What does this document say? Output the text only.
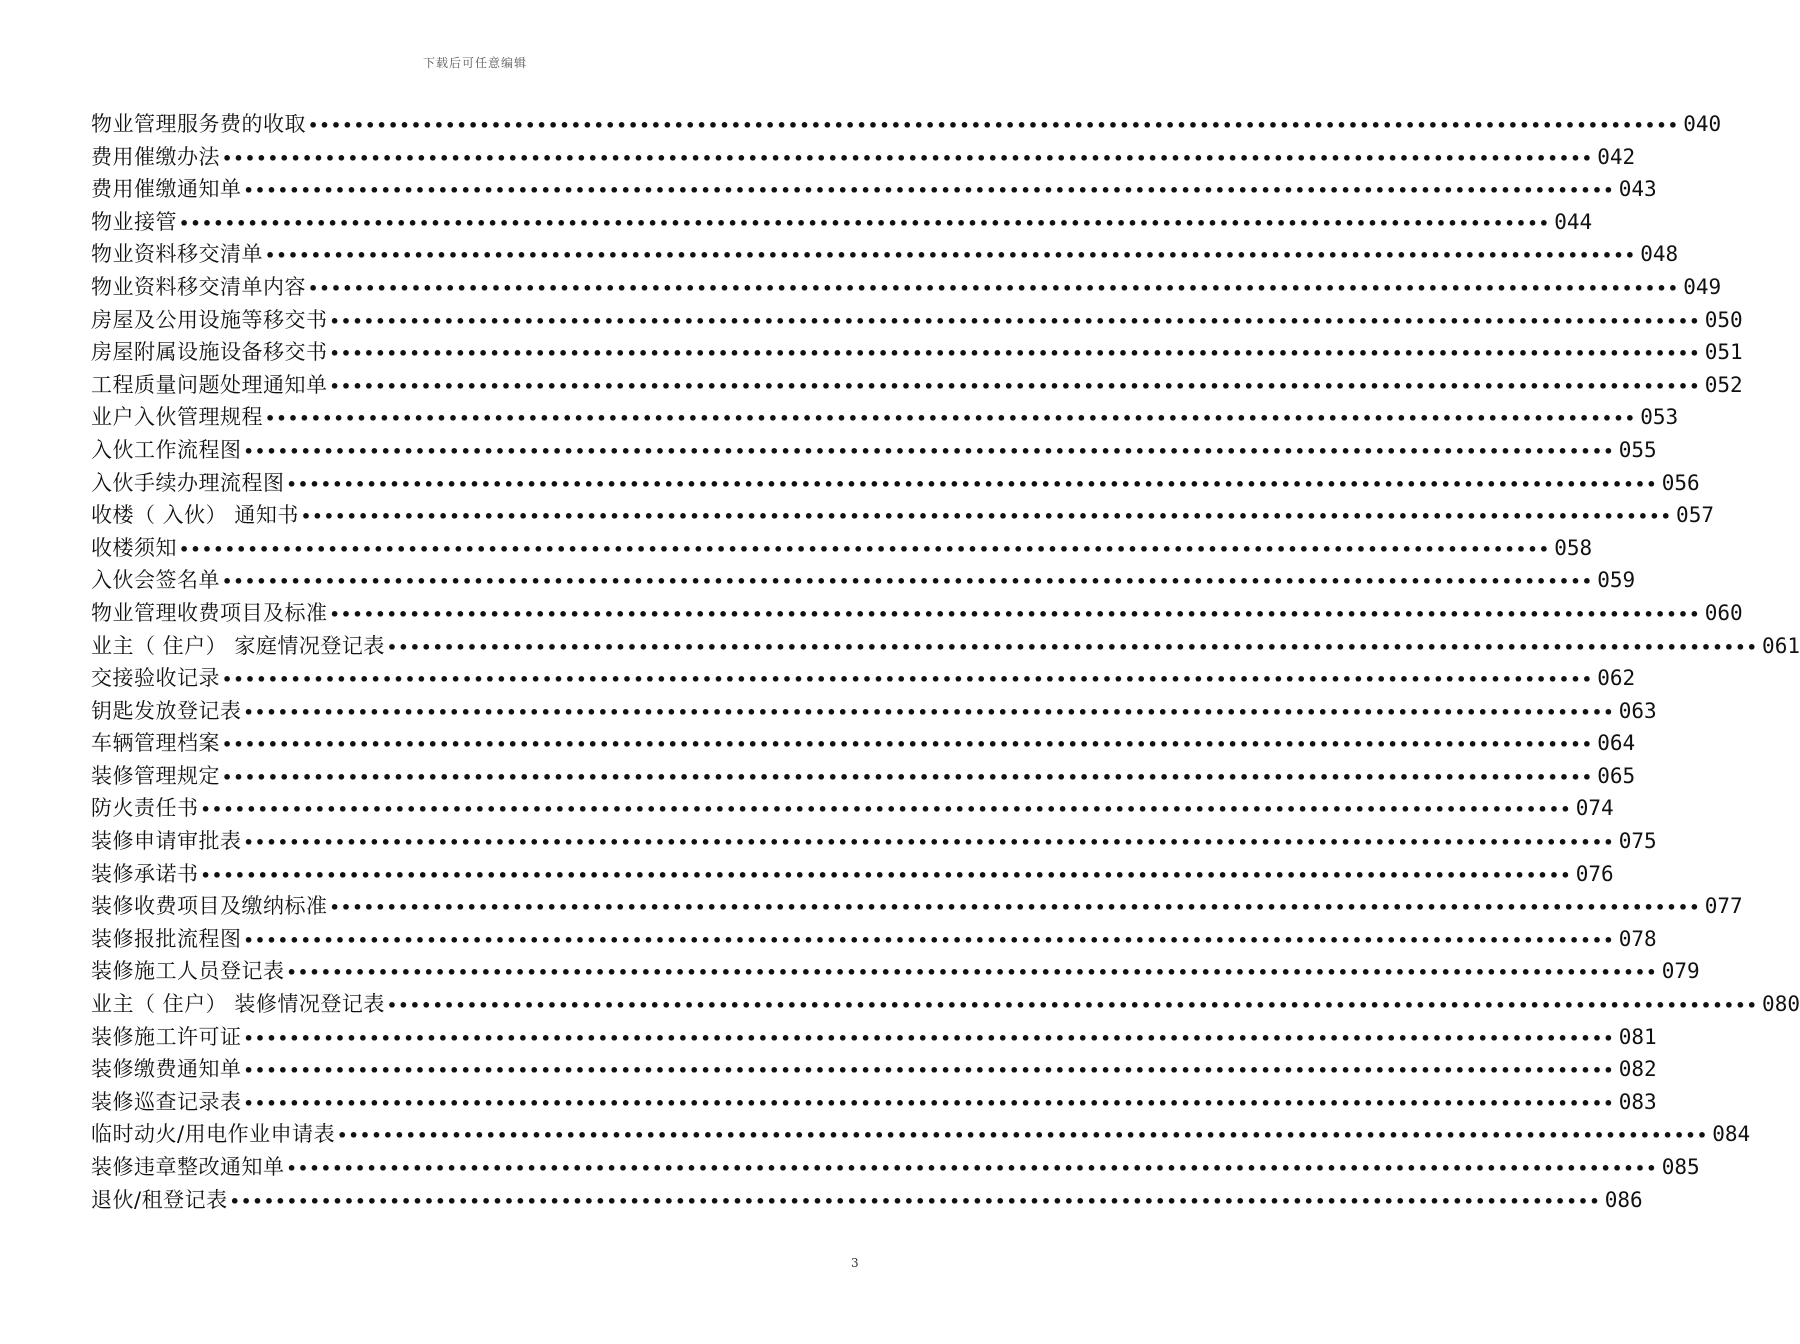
下载后可任意编辑
物业管理服务费的收取 •••••••••••••••••••••••••••••••••••••••••••••••••••••••••••••••••••••••••••••••••••••••••••••••••••••••••••••••••••••••• 040
费用催缴办法 •••••••••••••••••••••••••••••••••••••••••••••••••••••••••••••••••••••••••••••••••••••••••••••••••••••••••••••••••••••••• 042
费用催缴通知单 •••••••••••••••••••••••••••••••••••••••••••••••••••••••••••••••••••••••••••••••••••••••••••••••••••••••••••••••••••••••• 043
物业接管 •••••••••••••••••••••••••••••••••••••••••••••••••••••••••••••••••••••••••••••••••••••••••••••••••••••••••••••••••••••••• 044
物业资料移交清单 •••••••••••••••••••••••••••••••••••••••••••••••••••••••••••••••••••••••••••••••••••••••••••••••••••••••••••••••••••••••• 048
物业资料移交清单内容 •••••••••••••••••••••••••••••••••••••••••••••••••••••••••••••••••••••••••••••••••••••••••••••••••••••••••••••••••••••••• 049
房屋及公用设施等移交书 •••••••••••••••••••••••••••••••••••••••••••••••••••••••••••••••••••••••••••••••••••••••••••••••••••••••••••••••••••••••• 050
房屋附属设施设备移交书 •••••••••••••••••••••••••••••••••••••••••••••••••••••••••••••••••••••••••••••••••••••••••••••••••••••••••••••••••••••••• 051
工程质量问题处理通知单 •••••••••••••••••••••••••••••••••••••••••••••••••••••••••••••••••••••••••••••••••••••••••••••••••••••••••••••••••••••••• 052
业户入伙管理规程 •••••••••••••••••••••••••••••••••••••••••••••••••••••••••••••••••••••••••••••••••••••••••••••••••••••••••••••••••••••••• 053
入伙工作流程图 •••••••••••••••••••••••••••••••••••••••••••••••••••••••••••••••••••••••••••••••••••••••••••••••••••••••••••••••••••••••• 055
入伙手续办理流程图 •••••••••••••••••••••••••••••••••••••••••••••••••••••••••••••••••••••••••••••••••••••••••••••••••••••••••••••••••••••••• 056
收楼（ 入伙） 通知书 •••••••••••••••••••••••••••••••••••••••••••••••••••••••••••••••••••••••••••••••••••••••••••••••••••••••••••••••••••••••• 057
收楼须知 •••••••••••••••••••••••••••••••••••••••••••••••••••••••••••••••••••••••••••••••••••••••••••••••••••••••••••••••••••••••• 058
入伙会签名单 •••••••••••••••••••••••••••••••••••••••••••••••••••••••••••••••••••••••••••••••••••••••••••••••••••••••••••••••••••••••• 059
物业管理收费项目及标准 •••••••••••••••••••••••••••••••••••••••••••••••••••••••••••••••••••••••••••••••••••••••••••••••••••••••••••••••••••••••• 060
业主（ 住户） 家庭情况登记表 •••••••••••••••••••••••••••••••••••••••••••••••••••••••••••••••••••••••••••••••••••••••••••••••••••••••••••••••••••••••• 061
交接验收记录 •••••••••••••••••••••••••••••••••••••••••••••••••••••••••••••••••••••••••••••••••••••••••••••••••••••••••••••••••••••••• 062
钥匙发放登记表 •••••••••••••••••••••••••••••••••••••••••••••••••••••••••••••••••••••••••••••••••••••••••••••••••••••••••••••••••••••••• 063
车辆管理档案 •••••••••••••••••••••••••••••••••••••••••••••••••••••••••••••••••••••••••••••••••••••••••••••••••••••••••••••••••••••••• 064
装修管理规定 •••••••••••••••••••••••••••••••••••••••••••••••••••••••••••••••••••••••••••••••••••••••••••••••••••••••••••••••••••••••• 065
防火责任书 •••••••••••••••••••••••••••••••••••••••••••••••••••••••••••••••••••••••••••••••••••••••••••••••••••••••••••••••••••••••• 074
装修申请审批表 •••••••••••••••••••••••••••••••••••••••••••••••••••••••••••••••••••••••••••••••••••••••••••••••••••••••••••••••••••••••• 075
装修承诺书 •••••••••••••••••••••••••••••••••••••••••••••••••••••••••••••••••••••••••••••••••••••••••••••••••••••••••••••••••••••••• 076
装修收费项目及缴纳标准 •••••••••••••••••••••••••••••••••••••••••••••••••••••••••••••••••••••••••••••••••••••••••••••••••••••••••••••••••••••••• 077
装修报批流程图 •••••••••••••••••••••••••••••••••••••••••••••••••••••••••••••••••••••••••••••••••••••••••••••••••••••••••••••••••••••••• 078
装修施工人员登记表 •••••••••••••••••••••••••••••••••••••••••••••••••••••••••••••••••••••••••••••••••••••••••••••••••••••••••••••••••••••••• 079
业主（ 住户） 装修情况登记表 •••••••••••••••••••••••••••••••••••••••••••••••••••••••••••••••••••••••••••••••••••••••••••••••••••••••••••••••••••••••• 080
装修施工许可证 •••••••••••••••••••••••••••••••••••••••••••••••••••••••••••••••••••••••••••••••••••••••••••••••••••••••••••••••••••••••• 081
装修缴费通知单 •••••••••••••••••••••••••••••••••••••••••••••••••••••••••••••••••••••••••••••••••••••••••••••••••••••••••••••••••••••••• 082
装修巡查记录表 •••••••••••••••••••••••••••••••••••••••••••••••••••••••••••••••••••••••••••••••••••••••••••••••••••••••••••••••••••••••• 083
临时动火/用电作业申请表 •••••••••••••••••••••••••••••••••••••••••••••••••••••••••••••••••••••••••••••••••••••••••••••••••••••••••••••••••••••••• 084
装修违章整改通知单 •••••••••••••••••••••••••••••••••••••••••••••••••••••••••••••••••••••••••••••••••••••••••••••••••••••••••••••••••••••••• 085
退伙/租登记表 •••••••••••••••••••••••••••••••••••••••••••••••••••••••••••••••••••••••••••••••••••••••••••••••••••••••••••••••••••••••• 086
3
